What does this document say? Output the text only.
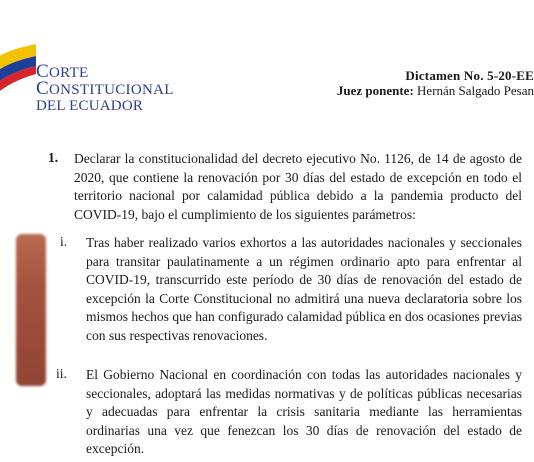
CORTE
CONSTITUCIONAL
DEL ECUADOR
Dictamen No. 5-20-EE
Juez ponente: Hernán Salgado Pesan
1. Declarar la constitucionalidad del decreto ejecutivo No. 1126, de 14 de agosto de 2020, que contiene la renovación por 30 días del estado de excepción en todo el territorio nacional por calamidad pública debido a la pandemia producto del COVID-19, bajo el cumplimiento de los siguientes parámetros:
i. Tras haber realizado varios exhortos a las autoridades nacionales y seccionales para transitar paulatinamente a un régimen ordinario apto para enfrentar al COVID-19, transcurrido este período de 30 días de renovación del estado de excepción la Corte Constitucional no admitirá una nueva declaratoria sobre los mismos hechos que han configurado calamidad pública en dos ocasiones previas con sus respectivas renovaciones.
ii. El Gobierno Nacional en coordinación con todas las autoridades nacionales y seccionales, adoptará las medidas normativas y de políticas públicas necesarias y adecuadas para enfrentar la crisis sanitaria mediante las herramientas ordinarias una vez que fenezcan los 30 días de renovación del estado de excepción.
